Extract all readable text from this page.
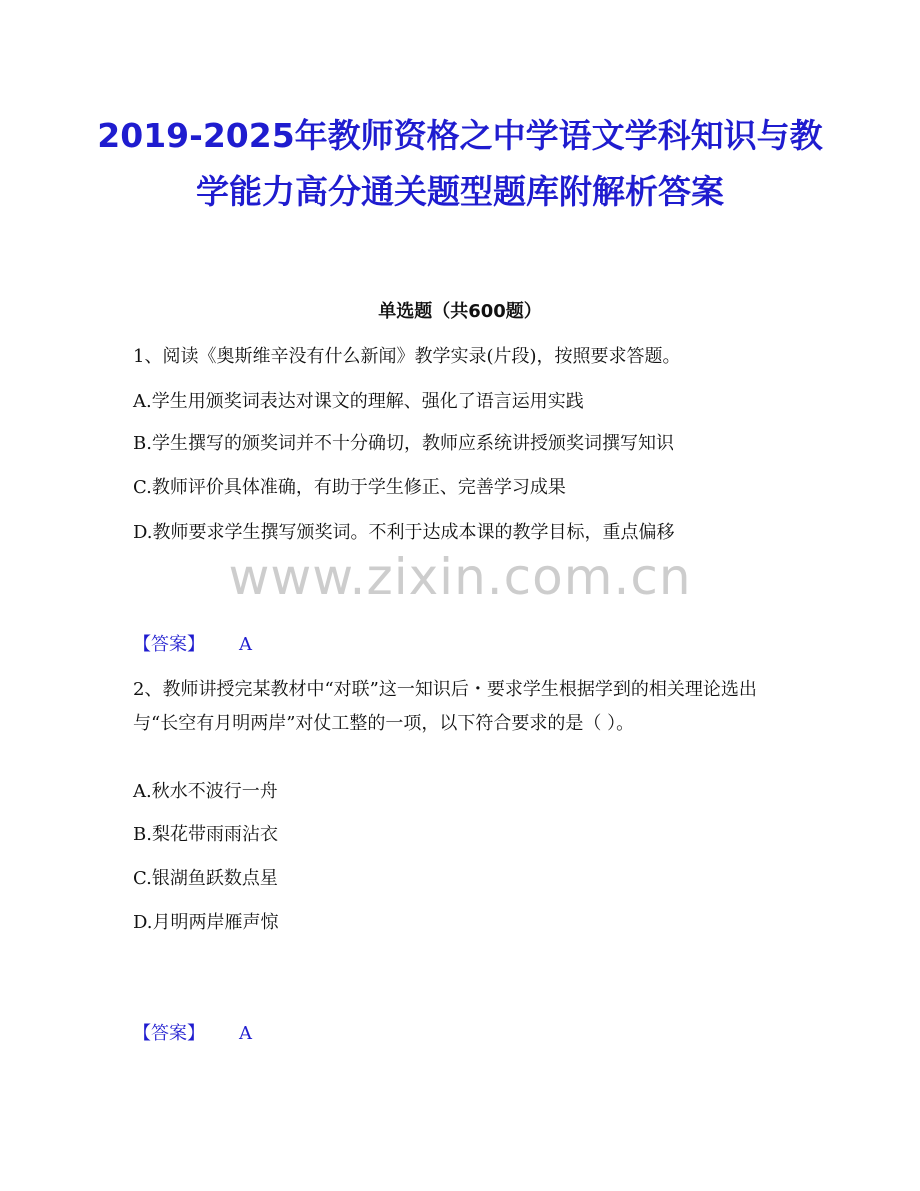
2019-2025年教师资格之中学语文学科知识与教学能力高分通关题型题库附解析答案
单选题（共600题）
1、阅读《奥斯维辛没有什么新闻》教学实录(片段)，按照要求答题。
A.学生用颁奖词表达对课文的理解、强化了语言运用实践
B.学生撰写的颁奖词并不十分确切，教师应系统讲授颁奖词撰写知识
C.教师评价具体准确，有助于学生修正、完善学习成果
D.教师要求学生撰写颁奖词。不利于达成本课的教学目标，重点偏移
www.zixin.com.cn
【答案】 A
2、教师讲授完某教材中“对联”这一知识后・要求学生根据学到的相关理论选出与“长空有月明两岸”对仗工整的一项，以下符合要求的是（ ）。
A.秋水不波行一舟
B.梨花带雨雨沾衣
C.银湖鱼跃数点星
D.月明两岸雁声惊
【答案】 A
